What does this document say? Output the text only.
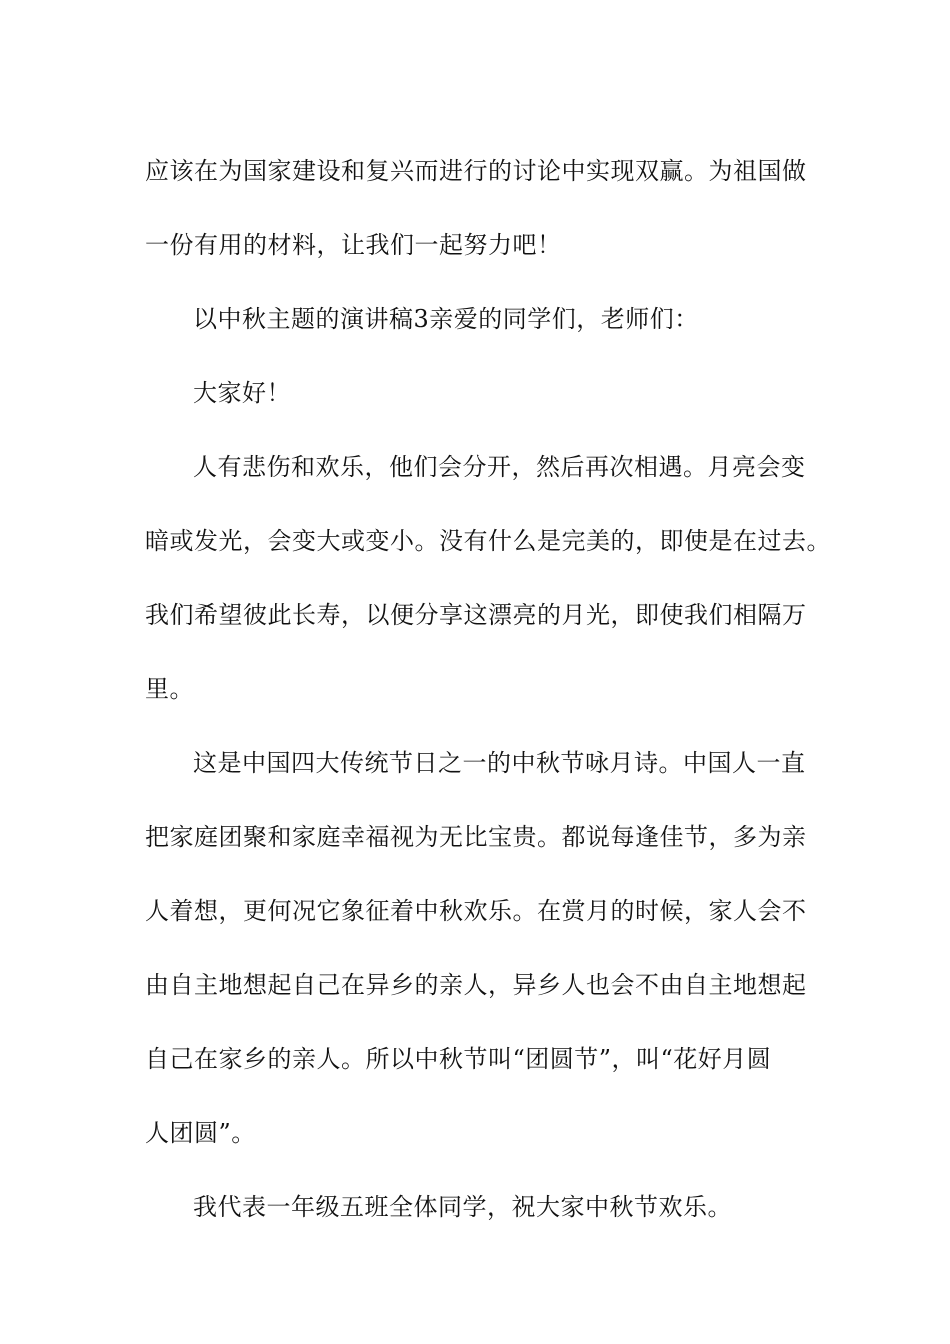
应该在为国家建设和复兴而进行的讨论中实现双赢。为祖国做
一份有用的材料，让我们一起努力吧！
以中秋主题的演讲稿3亲爱的同学们，老师们：
大家好！
人有悲伤和欢乐，他们会分开，然后再次相遇。月亮会变
暗或发光，会变大或变小。没有什么是完美的，即使是在过去。
我们希望彼此长寿，以便分享这漂亮的月光，即使我们相隔万
里。
这是中国四大传统节日之一的中秋节咏月诗。中国人一直
把家庭团聚和家庭幸福视为无比宝贵。都说每逢佳节，多为亲
人着想，更何况它象征着中秋欢乐。在赏月的时候，家人会不
由自主地想起自己在异乡的亲人，异乡人也会不由自主地想起
自己在家乡的亲人。所以中秋节叫“团圆节”，叫“花好月圆
人团圆”。
我代表一年级五班全体同学，祝大家中秋节欢乐。
